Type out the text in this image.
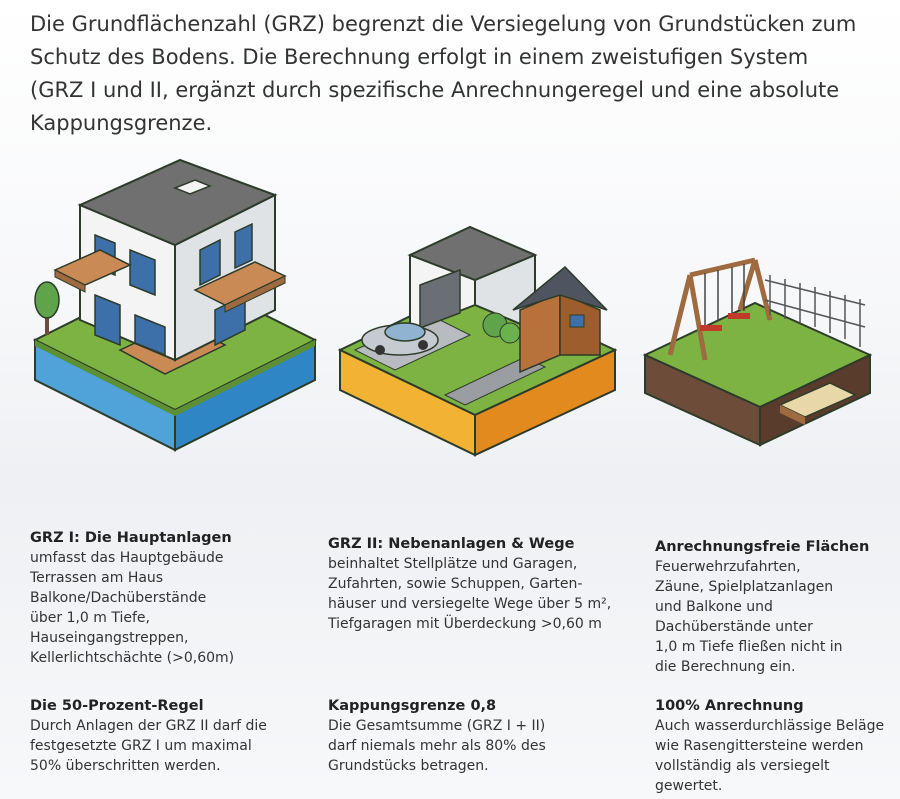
Die Grundflächenzahl (GRZ) begrenzt die Versiegelung von Grundstücken zum
Schutz des Bodens. Die Berechnung erfolgt in einem zweistufigen System
(GRZ I und II, ergänzt durch spezifische Anrechnungeregel und eine absolute
Kappungsgrenze.
GRZ I: Die Hauptanlagen
umfasst das Hauptgebäude
Terrassen am Haus
Balkone/Dachüberstände
über 1,0 m Tiefe,
Hauseingangstreppen,
Kellerlichtschächte (>0,60m)
GRZ II: Nebenanlagen & Wege
beinhaltet Stellplätze und Garagen,
Zufahrten, sowie Schuppen, Garten-
häuser und versiegelte Wege über 5 m²,
Tiefgaragen mit Überdeckung >0,60 m
Anrechnungsfreie Flächen
Feuerwehrzufahrten,
Zäune, Spielplatzanlagen
und Balkone und
Dachüberstände unter
1,0 m Tiefe fließen nicht in
die Berechnung ein.
Die 50-Prozent-Regel
Durch Anlagen der GRZ II darf die
festgesetzte GRZ I um maximal
50% überschritten werden.
Kappungsgrenze 0,8
Die Gesamtsumme (GRZ I + II)
darf niemals mehr als 80% des
Grundstücks betragen.
100% Anrechnung
Auch wasserdurchlässige Beläge
wie Rasengittersteine werden
vollständig als versiegelt
gewertet.
